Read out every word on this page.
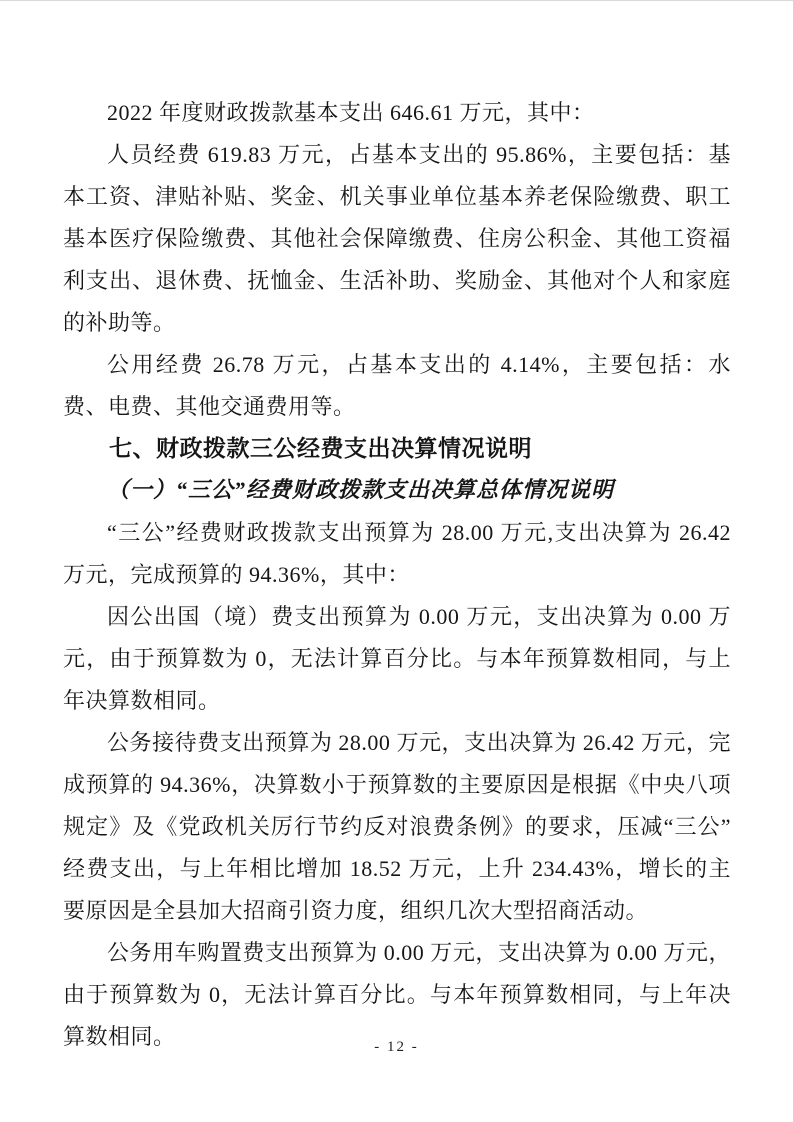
2022 年度财政拨款基本支出 646.61 万元，其中：

人员经费 619.83 万元，占基本支出的 95.86%，主要包括：基本工资、津贴补贴、奖金、机关事业单位基本养老保险缴费、职工基本医疗保险缴费、其他社会保障缴费、住房公积金、其他工资福利支出、退休费、抚恤金、生活补助、奖励金、其他对个人和家庭的补助等。

公用经费 26.78 万元，占基本支出的 4.14%，主要包括：水费、电费、其他交通费用等。

七、财政拨款三公经费支出决算情况说明

（一）“三公”经费财政拨款支出决算总体情况说明

“三公”经费财政拨款支出预算为 28.00 万元,支出决算为 26.42 万元，完成预算的 94.36%，其中：

因公出国（境）费支出预算为 0.00 万元，支出决算为 0.00 万元，由于预算数为 0，无法计算百分比。与本年预算数相同，与上年决算数相同。

公务接待费支出预算为 28.00 万元，支出决算为 26.42 万元，完成预算的 94.36%，决算数小于预算数的主要原因是根据《中央八项规定》及《党政机关厉行节约反对浪费条例》的要求，压减“三公”经费支出，与上年相比增加 18.52 万元，上升 234.43%，增长的主要原因是全县加大招商引资力度，组织几次大型招商活动。

公务用车购置费支出预算为 0.00 万元，支出决算为 0.00 万元，由于预算数为 0，无法计算百分比。与本年预算数相同，与上年决算数相同。	- 12 -
